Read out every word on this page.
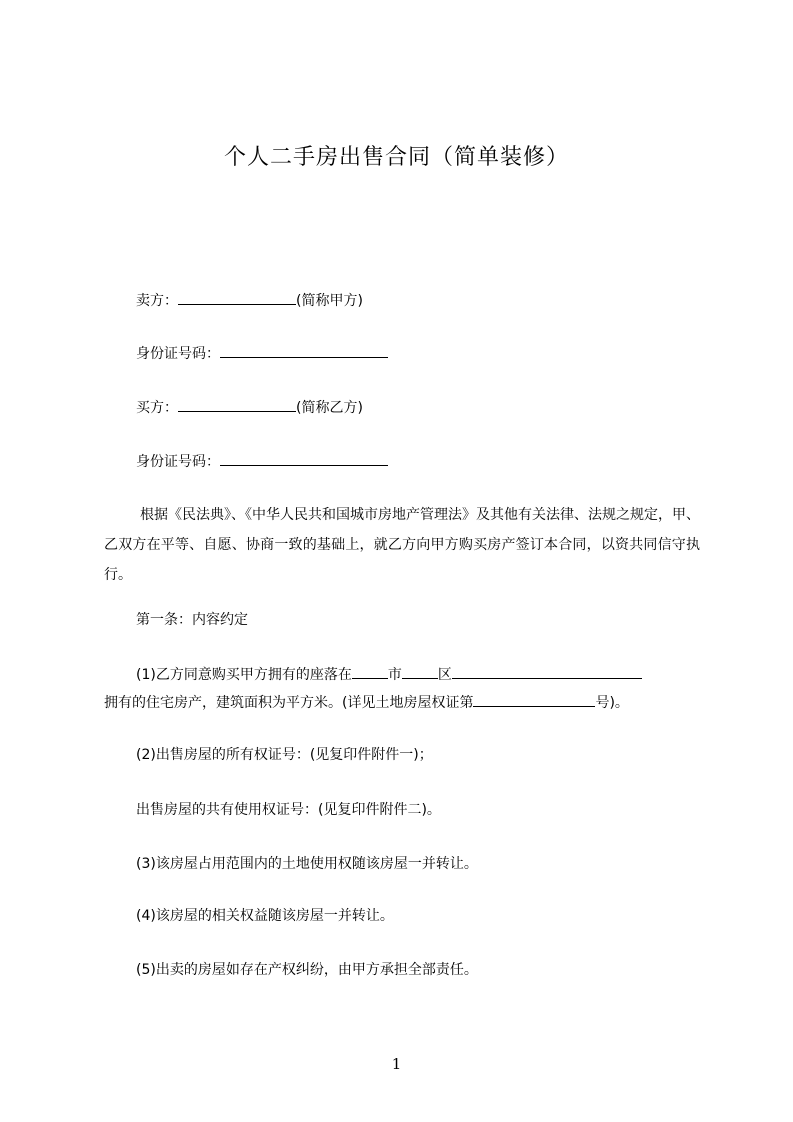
个人二手房出售合同（简单装修）
卖方：	(简称甲方)
身份证号码：
买方：	(简称乙方)
身份证号码：
根据《民法典》、《中华人民共和国城市房地产管理法》及其他有关法律、法规之规定，甲、乙双方在平等、自愿、协商一致的基础上，就乙方向甲方购买房产签订本合同，以资共同信守执行。
第一条：内容约定
(1)乙方同意购买甲方拥有的座落在	市	区
拥有的住宅房产，建筑面积为平方米。(详见土地房屋权证第	号)。
(2)出售房屋的所有权证号：(见复印件附件一)；
出售房屋的共有使用权证号：(见复印件附件二)。
(3)该房屋占用范围内的土地使用权随该房屋一并转让。
(4)该房屋的相关权益随该房屋一并转让。
(5)出卖的房屋如存在产权纠纷，由甲方承担全部责任。
1
